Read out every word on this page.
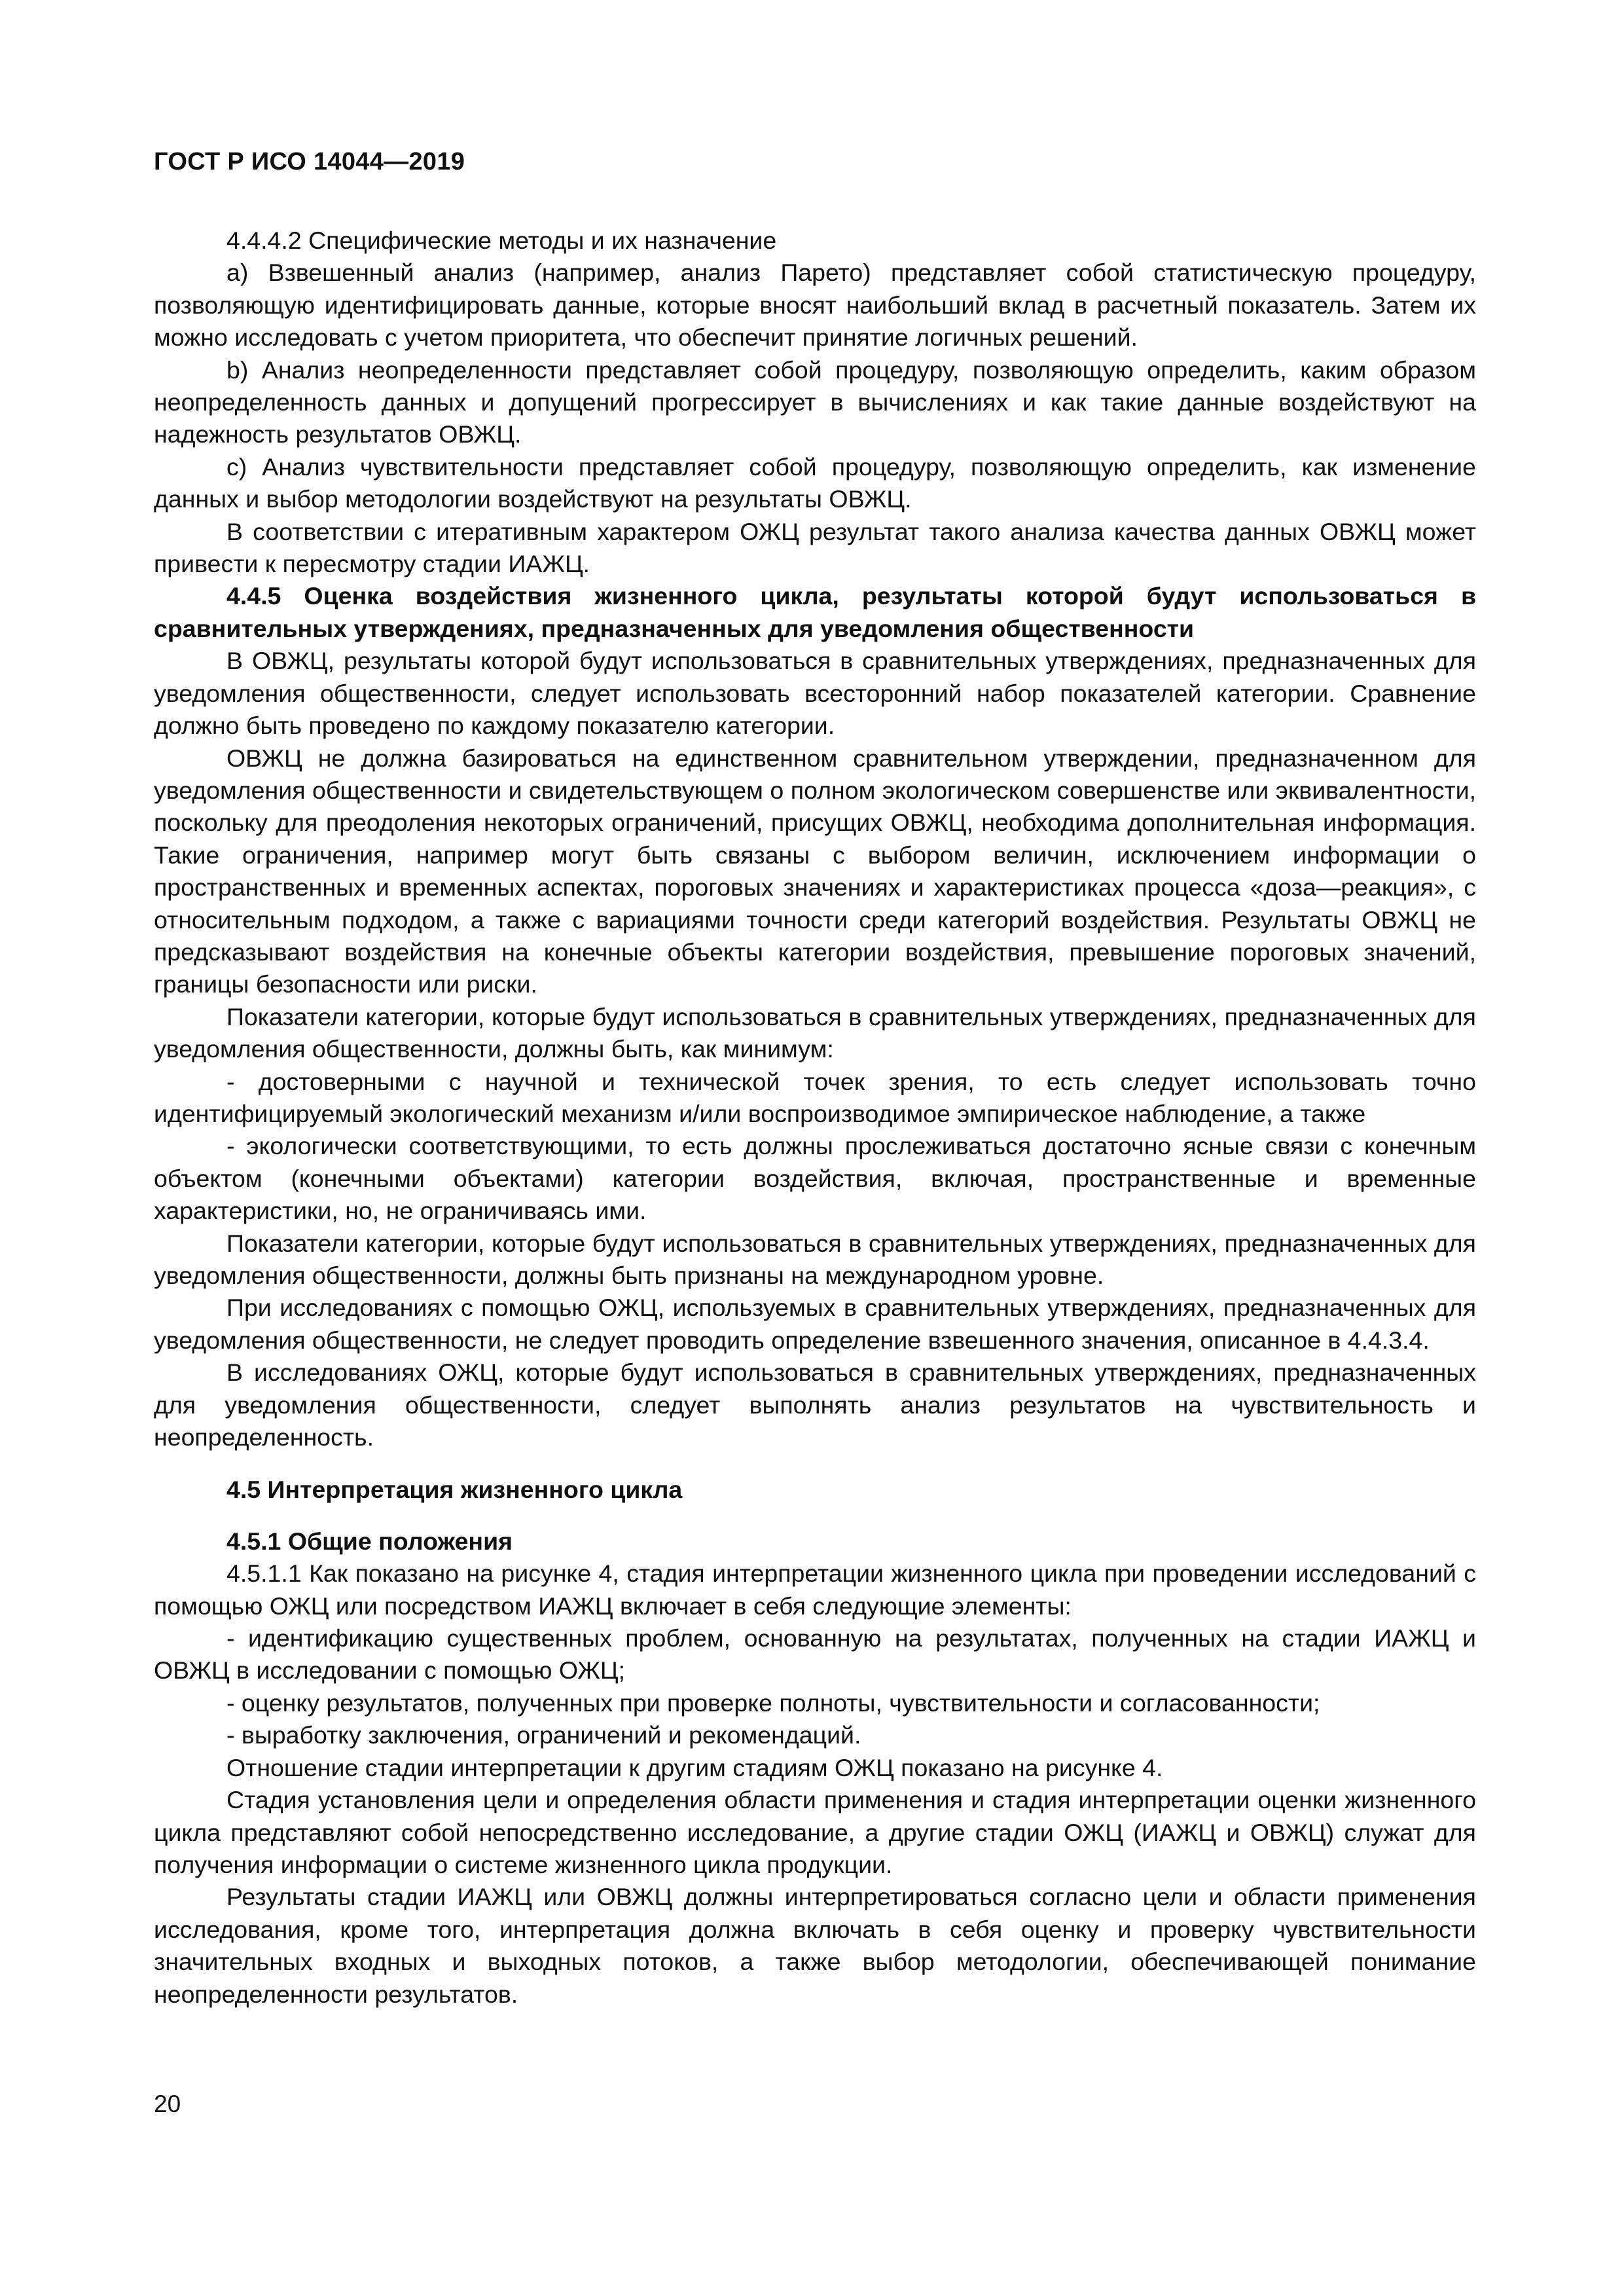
ГОСТ Р ИСО 14044—2019

4.4.4.2 Специфические методы и их назначение

a) Взвешенный анализ (например, анализ Парето) представляет собой статистическую процедуру, позволяющую идентифицировать данные, которые вносят наибольший вклад в расчетный показатель. Затем их можно исследовать с учетом приоритета, что обеспечит принятие логичных решений.

b) Анализ неопределенности представляет собой процедуру, позволяющую определить, каким образом неопределенность данных и допущений прогрессирует в вычислениях и как такие данные воздействуют на надежность результатов ОВЖЦ.

c) Анализ чувствительности представляет собой процедуру, позволяющую определить, как изменение данных и выбор методологии воздействуют на результаты ОВЖЦ.

В соответствии с итеративным характером ОЖЦ результат такого анализа качества данных ОВЖЦ может привести к пересмотру стадии ИАЖЦ.

4.4.5 Оценка воздействия жизненного цикла, результаты которой будут использоваться в сравнительных утверждениях, предназначенных для уведомления общественности

В ОВЖЦ, результаты которой будут использоваться в сравнительных утверждениях, предназначенных для уведомления общественности, следует использовать всесторонний набор показателей категории. Сравнение должно быть проведено по каждому показателю категории.

ОВЖЦ не должна базироваться на единственном сравнительном утверждении, предназначенном для уведомления общественности и свидетельствующем о полном экологическом совершенстве или эквивалентности, поскольку для преодоления некоторых ограничений, присущих ОВЖЦ, необходима дополнительная информация. Такие ограничения, например могут быть связаны с выбором величин, исключением информации о пространственных и временных аспектах, пороговых значениях и характеристиках процесса «доза—реакция», с относительным подходом, а также с вариациями точности среди категорий воздействия. Результаты ОВЖЦ не предсказывают воздействия на конечные объекты категории воздействия, превышение пороговых значений, границы безопасности или риски.

Показатели категории, которые будут использоваться в сравнительных утверждениях, предназначенных для уведомления общественности, должны быть, как минимум:

- достоверными с научной и технической точек зрения, то есть следует использовать точно идентифицируемый экологический механизм и/или воспроизводимое эмпирическое наблюдение, а также

- экологически соответствующими, то есть должны прослеживаться достаточно ясные связи с конечным объектом (конечными объектами) категории воздействия, включая, пространственные и временные характеристики, но, не ограничиваясь ими.

Показатели категории, которые будут использоваться в сравнительных утверждениях, предназначенных для уведомления общественности, должны быть признаны на международном уровне.

При исследованиях с помощью ОЖЦ, используемых в сравнительных утверждениях, предназначенных для уведомления общественности, не следует проводить определение взвешенного значения, описанное в 4.4.3.4.

В исследованиях ОЖЦ, которые будут использоваться в сравнительных утверждениях, предназначенных для уведомления общественности, следует выполнять анализ результатов на чувствительность и неопределенность.

4.5 Интерпретация жизненного цикла

4.5.1 Общие положения

4.5.1.1 Как показано на рисунке 4, стадия интерпретации жизненного цикла при проведении исследований с помощью ОЖЦ или посредством ИАЖЦ включает в себя следующие элементы:

- идентификацию существенных проблем, основанную на результатах, полученных на стадии ИАЖЦ и ОВЖЦ в исследовании с помощью ОЖЦ;

- оценку результатов, полученных при проверке полноты, чувствительности и согласованности;

- выработку заключения, ограничений и рекомендаций.

Отношение стадии интерпретации к другим стадиям ОЖЦ показано на рисунке 4.

Стадия установления цели и определения области применения и стадия интерпретации оценки жизненного цикла представляют собой непосредственно исследование, а другие стадии ОЖЦ (ИАЖЦ и ОВЖЦ) служат для получения информации о системе жизненного цикла продукции.

Результаты стадии ИАЖЦ или ОВЖЦ должны интерпретироваться согласно цели и области применения исследования, кроме того, интерпретация должна включать в себя оценку и проверку чувствительности значительных входных и выходных потоков, а также выбор методологии, обеспечивающей понимание неопределенности результатов.

20
